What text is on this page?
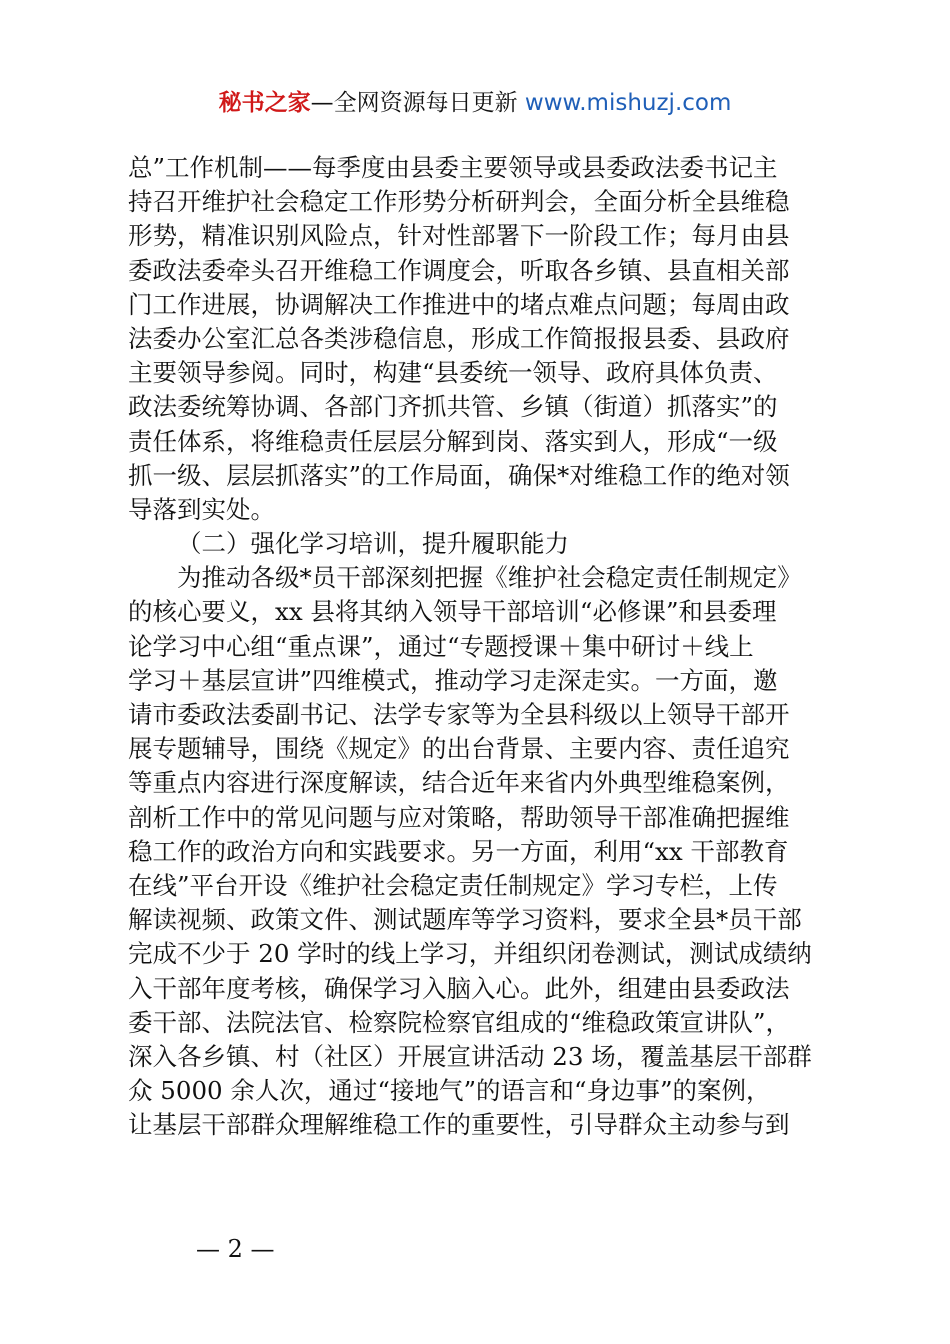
秘书之家—全网资源每日更新 www.mishuzj.com
总”工作机制——每季度由县委主要领导或县委政法委书记主
持召开维护社会稳定工作形势分析研判会，全面分析全县维稳
形势，精准识别风险点，针对性部署下一阶段工作；每月由县
委政法委牵头召开维稳工作调度会，听取各乡镇、县直相关部
门工作进展，协调解决工作推进中的堵点难点问题；每周由政
法委办公室汇总各类涉稳信息，形成工作简报报县委、县政府
主要领导参阅。同时，构建“县委统一领导、政府具体负责、
政法委统筹协调、各部门齐抓共管、乡镇（街道）抓落实”的
责任体系，将维稳责任层层分解到岗、落实到人，形成“一级
抓一级、层层抓落实”的工作局面，确保*对维稳工作的绝对领
导落到实处。
（二）强化学习培训，提升履职能力
为推动各级*员干部深刻把握《维护社会稳定责任制规定》
的核心要义，xx 县将其纳入领导干部培训“必修课”和县委理
论学习中心组“重点课”，通过“专题授课＋集中研讨＋线上
学习＋基层宣讲”四维模式，推动学习走深走实。一方面，邀
请市委政法委副书记、法学专家等为全县科级以上领导干部开
展专题辅导，围绕《规定》的出台背景、主要内容、责任追究
等重点内容进行深度解读，结合近年来省内外典型维稳案例，
剖析工作中的常见问题与应对策略，帮助领导干部准确把握维
稳工作的政治方向和实践要求。另一方面，利用“xx 干部教育
在线”平台开设《维护社会稳定责任制规定》学习专栏，上传
解读视频、政策文件、测试题库等学习资料，要求全县*员干部
完成不少于 20 学时的线上学习，并组织闭卷测试，测试成绩纳
入干部年度考核，确保学习入脑入心。此外，组建由县委政法
委干部、法院法官、检察院检察官组成的“维稳政策宣讲队”，
深入各乡镇、村（社区）开展宣讲活动 23 场，覆盖基层干部群
众 5000 余人次，通过“接地气”的语言和“身边事”的案例，
让基层干部群众理解维稳工作的重要性，引导群众主动参与到
— 2 —
